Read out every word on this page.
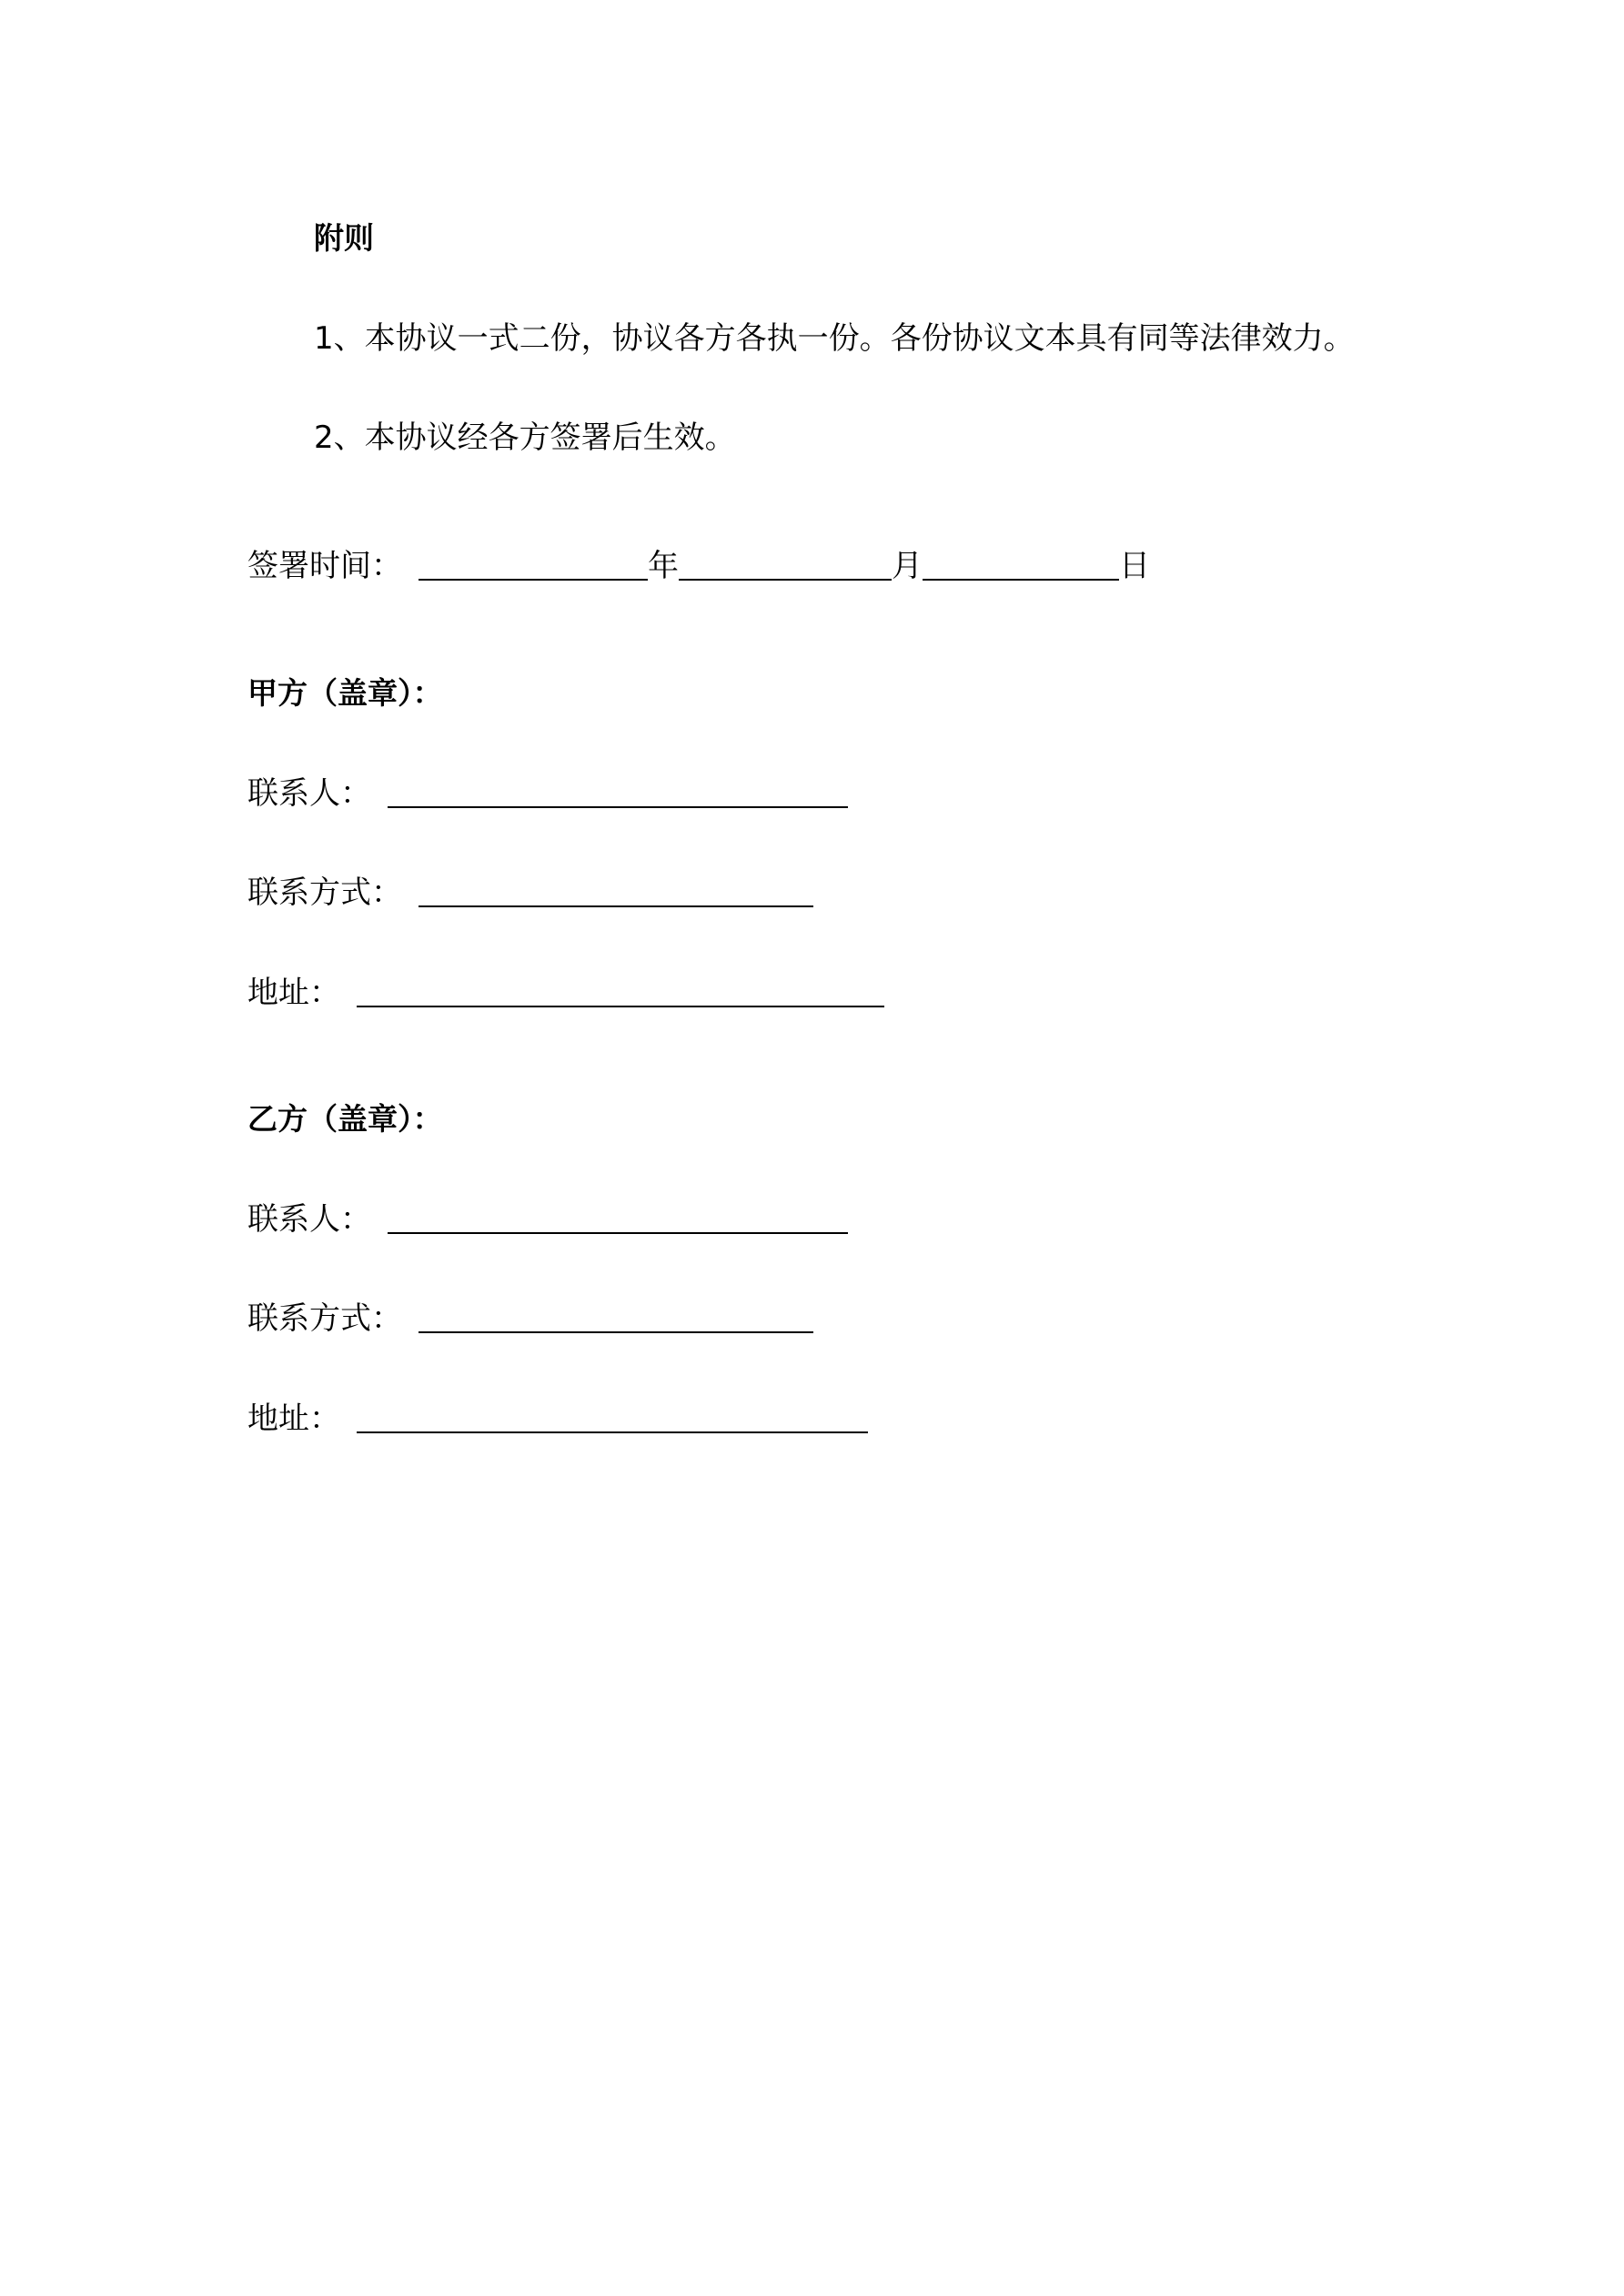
附则
1、本协议一式二份，协议各方各执一份。各份协议文本具有同等法律效力。
2、本协议经各方签署后生效。
签署时间：	年	月	日
甲方（盖章）：
联系人：
联系方式：
地址：
乙方（盖章）：
联系人：
联系方式：
地址：
